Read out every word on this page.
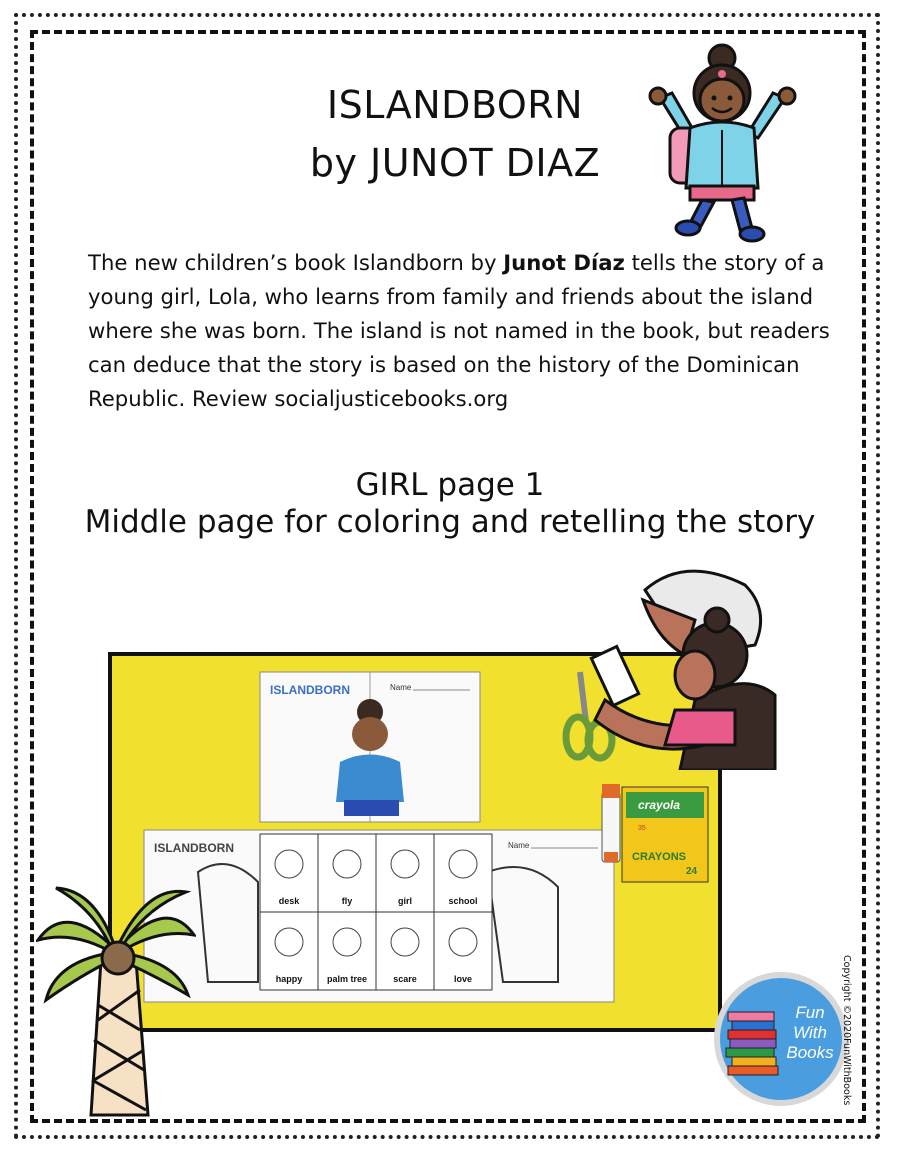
ISLANDBORN
by JUNOT DIAZ
The new children’s book Islandborn by Junot Díaz tells the story of a young girl, Lola, who learns from family and friends about the island where she was born. The island is not named in the book, but readers can deduce that the story is based on the history of the Dominican Republic. Review socialjusticebooks.org
GIRL page 1
Middle page for coloring and retelling the story
ISLANDBORN	Name
ISLANDBORN	Name
desk	fly	girl	school
happy	palm tree	scare	love
crayola
CRAYONS
24
35
Fun
With
Books Copyright ©2020FunWithBooks
